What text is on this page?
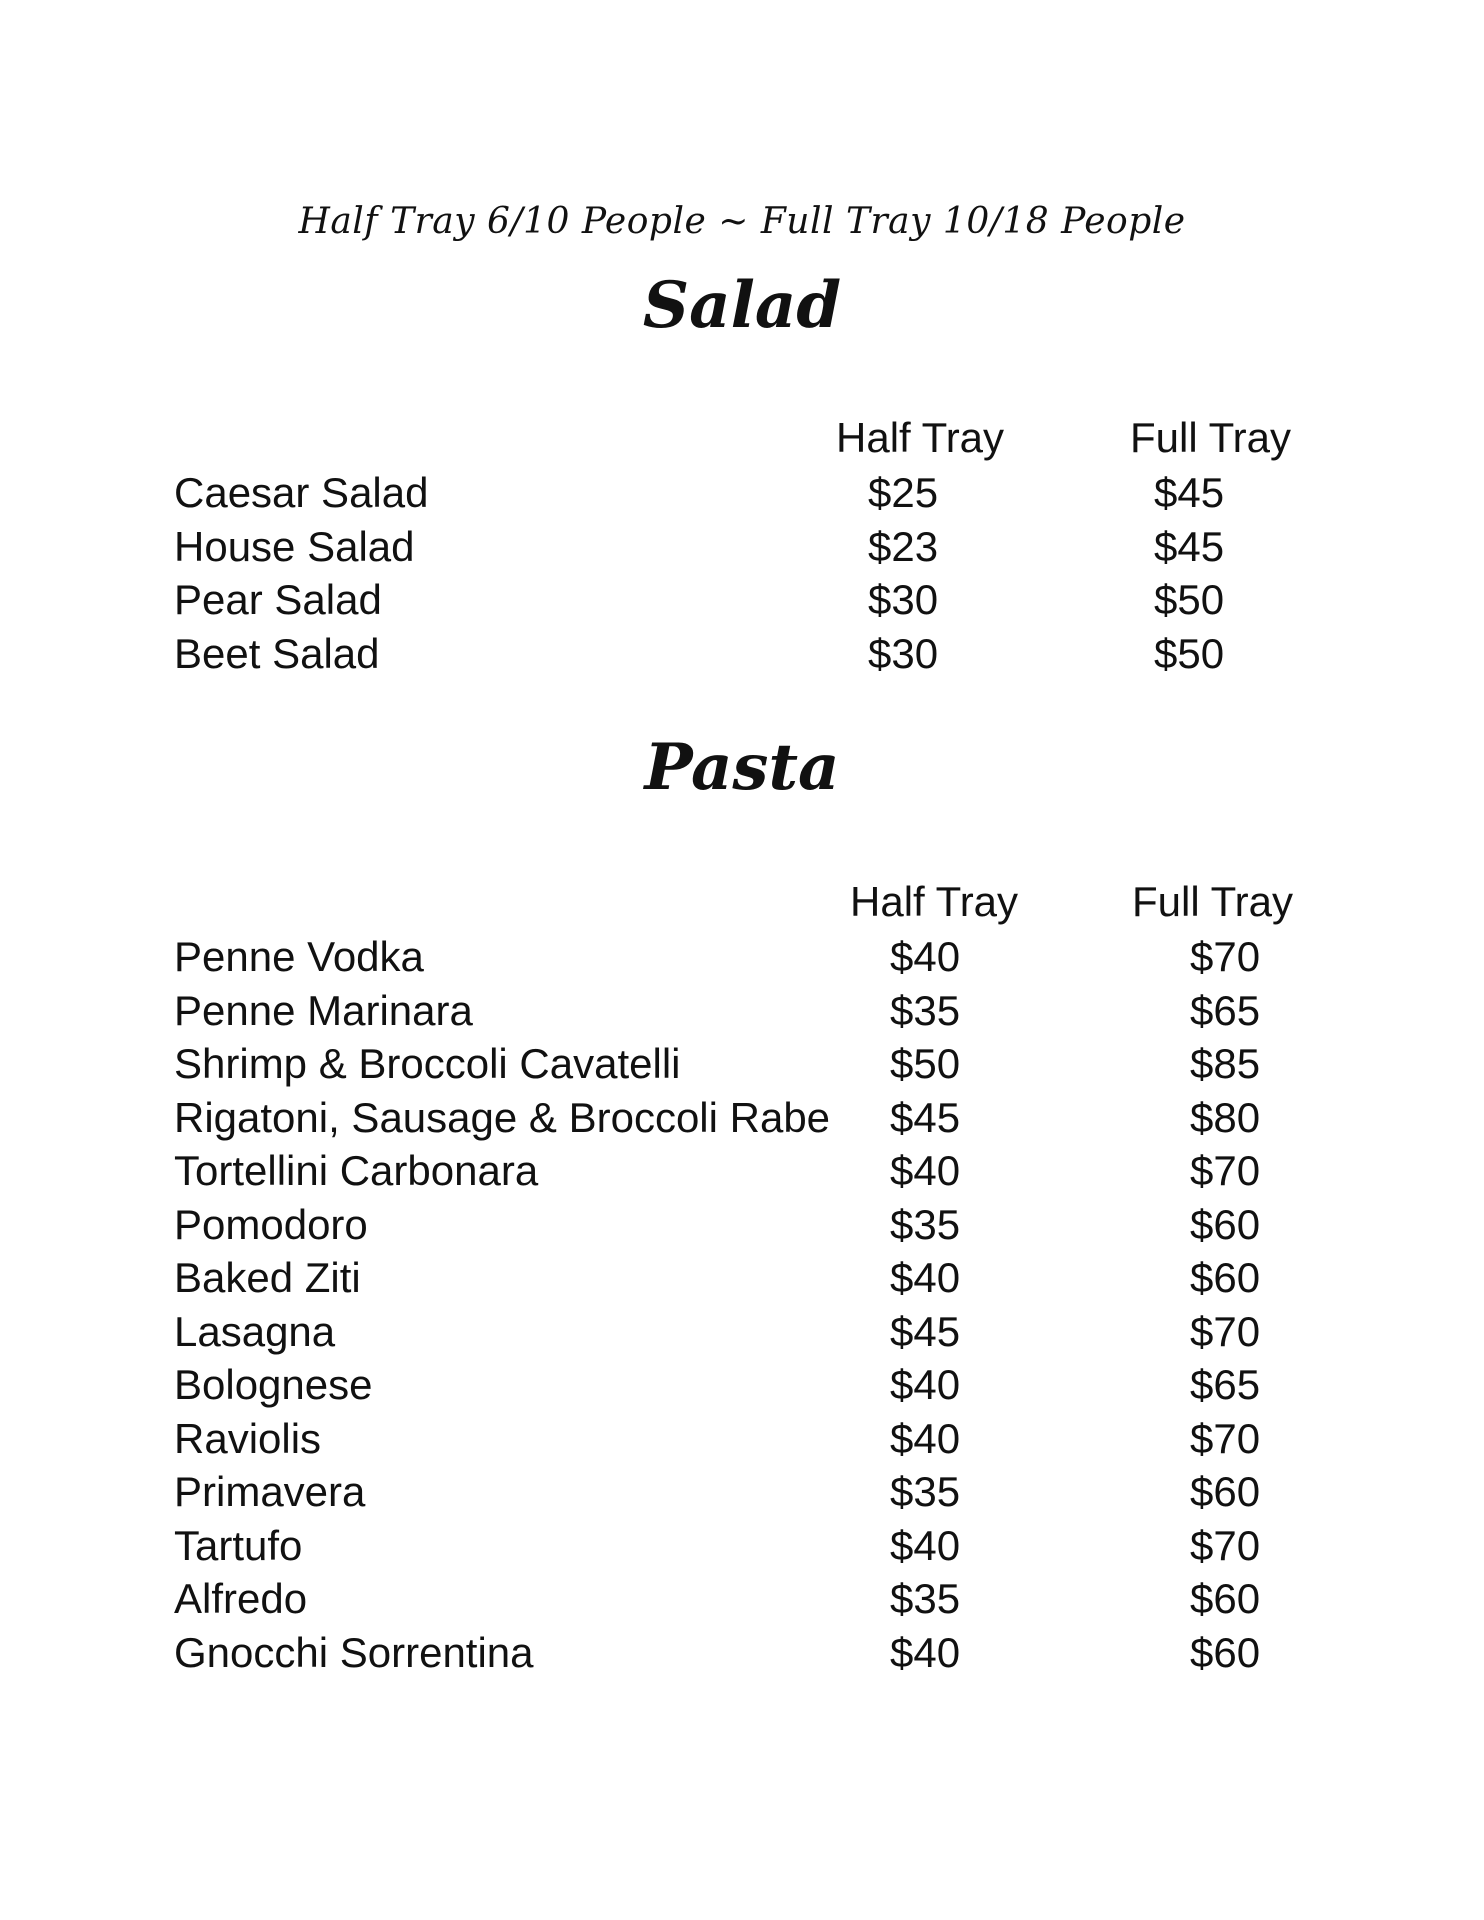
Half Tray 6/10 People ~ Full Tray 10/18 People
Salad
Half Tray	Full Tray
Caesar Salad	$25	$45
House Salad	$23	$45
Pear Salad	$30	$50
Beet Salad	$30	$50
Pasta
Half Tray	Full Tray
Penne Vodka	$40	$70
Penne Marinara	$35	$65
Shrimp & Broccoli Cavatelli	$50	$85
Rigatoni, Sausage & Broccoli Rabe $45	$80
Tortellini Carbonara	$40	$70
Pomodoro	$35	$60
Baked Ziti	$40	$60
Lasagna	$45	$70
Bolognese	$40	$65
Raviolis	$40	$70
Primavera	$35	$60
Tartufo	$40	$70
Alfredo	$35	$60
Gnocchi Sorrentina	$40	$60
